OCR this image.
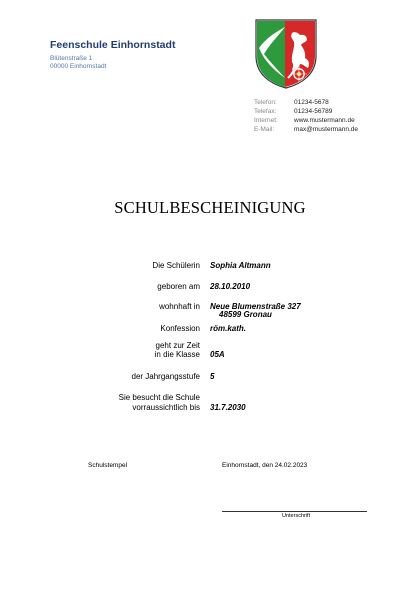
Feenschule Einhornstadt
Blütenstraße 1
00000 Einhornstadt
Telefon:	01234-5678
Telefax:	01234-56789
Internet:	www.mustermann.de
E-Mail:	max@mustermann.de
SCHULBESCHEINIGUNG
Die Schülerin Sophia Altmann
geboren am 28.10.2010
wohnhaft in Neue Blumenstraße 327
48599 Gronau
Konfession röm.kath.
geht zur Zeit
in die Klasse 05A
der Jahrgangsstufe 5
Sie besucht die Schule
vorraussichtlich bis 31.7.2030
Schulstempel	Einhornstadt, den 24.02.2023
Unterschrift
